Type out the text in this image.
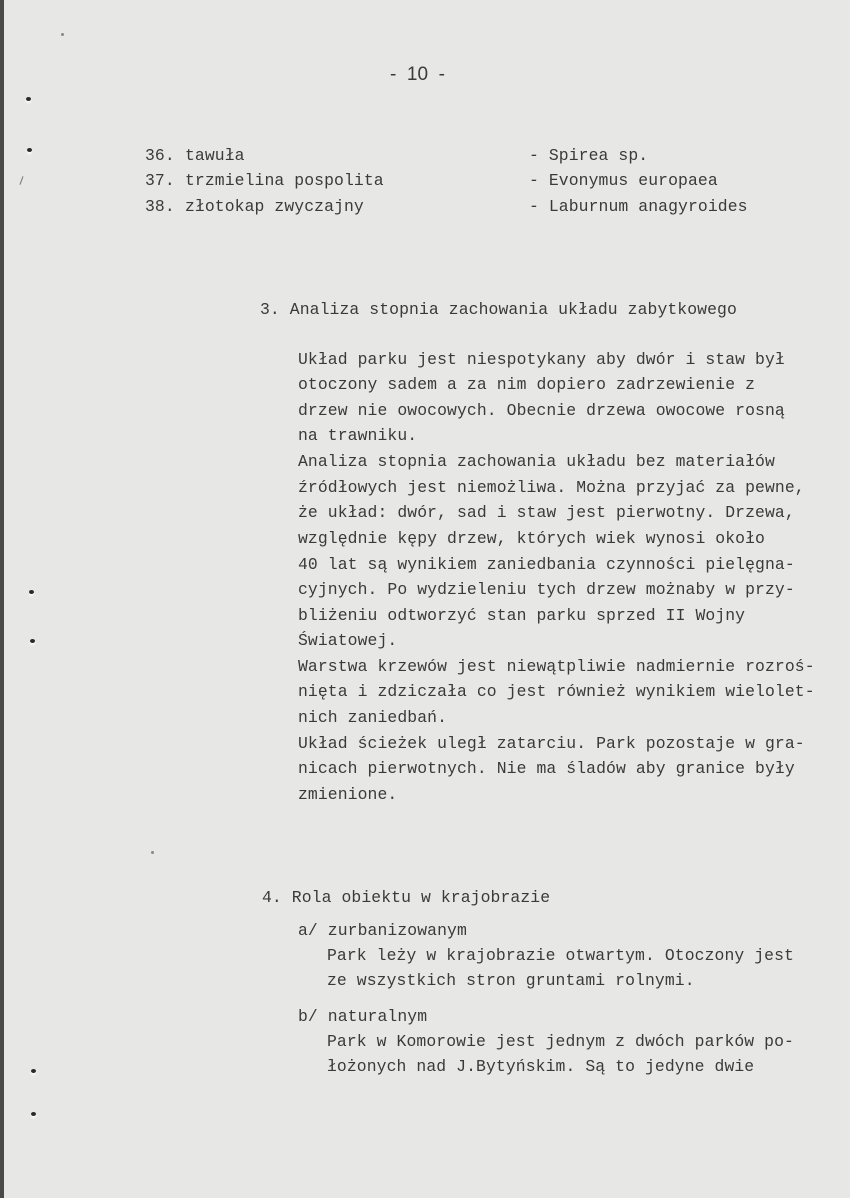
-  10  -
36. tawuła	- Spirea sp.
37. trzmielina pospolita	- Evonymus europaea
38. złotokap zwyczajny	- Laburnum anagyroides
3. Analiza stopnia zachowania układu zabytkowego
Układ parku jest niespotykany aby dwór i staw był
otoczony sadem a za nim dopiero zadrzewienie z
drzew nie owocowych. Obecnie drzewa owocowe rosną
na trawniku.
Analiza stopnia zachowania układu bez materiałów
źródłowych jest niemożliwa. Można przyjać za pewne,
że układ: dwór, sad i staw jest pierwotny. Drzewa,
względnie kępy drzew, których wiek wynosi około
40 lat są wynikiem zaniedbania czynności pielęgna-
cyjnych. Po wydzieleniu tych drzew możnaby w przy-
bliżeniu odtworzyć stan parku sprzed II Wojny
Światowej.
Warstwa krzewów jest niewątpliwie nadmiernie rozroś-
nięta i zdziczała co jest również wynikiem wielolet-
nich zaniedbań.
Układ ścieżek uległ zatarciu. Park pozostaje w gra-
nicach pierwotnych. Nie ma śladów aby granice były
zmienione.
4. Rola obiektu w krajobrazie
a/ zurbanizowanym
Park leży w krajobrazie otwartym. Otoczony jest
ze wszystkich stron gruntami rolnymi.
b/ naturalnym
Park w Komorowie jest jednym z dwóch parków po-
łożonych nad J.Bytyńskim. Są to jedyne dwie
